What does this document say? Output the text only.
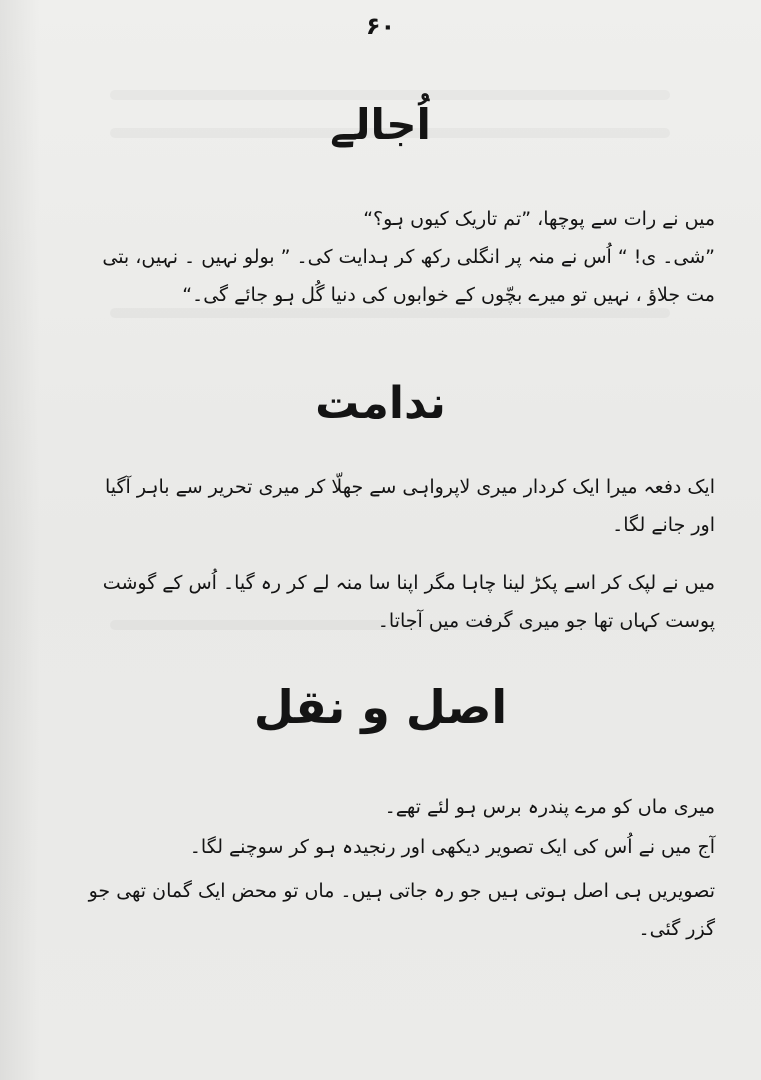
۶۰
اُجالے
میں نے رات سے پوچھا، ”تم تاریک کیوں ہو؟“
”شی۔ ی! “ اُس نے منہ پر انگلی رکھ کر ہدایت کی۔ ” بولو نہیں ۔ نہیں، بتی
مت جلاؤ ، نہیں تو میرے بچّوں کے خوابوں کی دنیا گُل ہو جائے گی۔“
ندامت
ایک دفعہ میرا ایک کردار میری لاپرواہی سے جھلّا کر میری تحریر سے باہر آگیا
اور جانے لگا۔
میں نے لپک کر اسے پکڑ لینا چاہا مگر اپنا سا منہ لے کر رہ گیا۔ اُس کے گوشت
پوست کہاں تھا جو میری گرفت میں آجاتا۔
اصل و نقل
میری ماں کو مرے پندرہ برس ہو لئے تھے۔
آج میں نے اُس کی ایک تصویر دیکھی اور رنجیدہ ہو کر سوچنے لگا۔
تصویریں ہی اصل ہوتی ہیں جو رہ جاتی ہیں۔ ماں تو محض ایک گمان تھی جو
گزر گئی۔
